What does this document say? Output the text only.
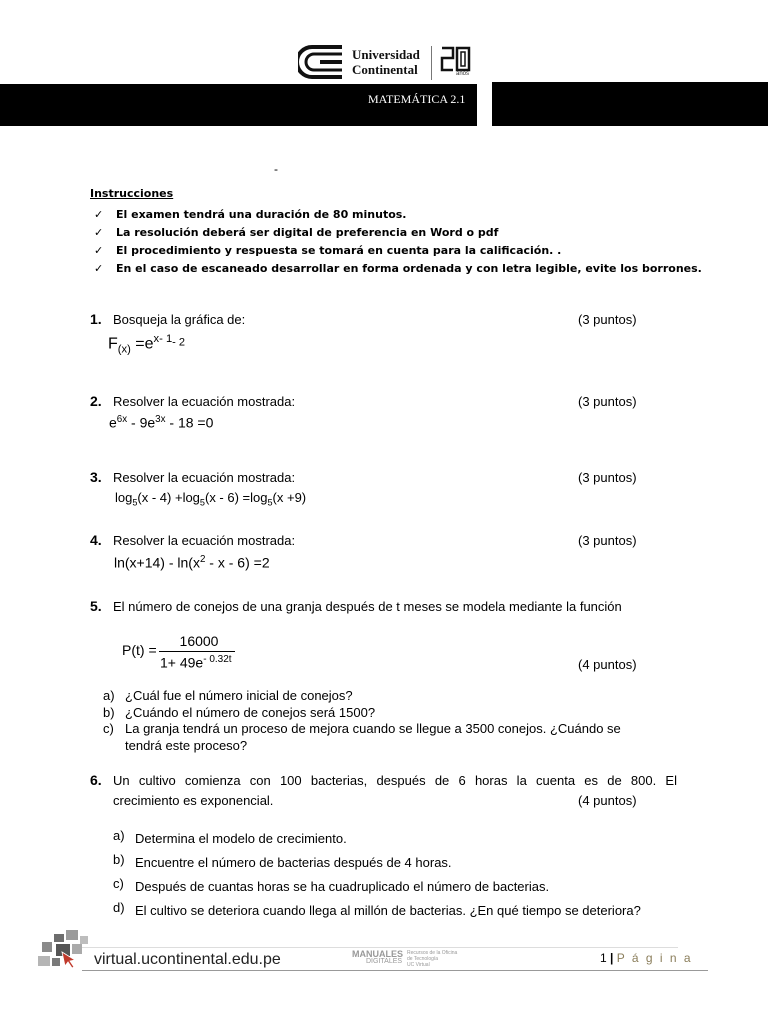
Universidad
Continental	años
MATEMÁTICA 2.1
-
Instrucciones
✓ El examen tendrá una duración de 80 minutos.
✓ La resolución deberá ser digital de preferencia en Word o pdf
✓ El procedimiento y respuesta se tomará en cuenta para la calificación. .
✓ En el caso de escaneado desarrollar en forma ordenada y con letra legible, evite los borrones.
1. Bosqueja la gráfica de:	(3 puntos)
$F_{(x)} =e^{x- 1}-$ 2
2. Resolver la ecuación mostrada:	(3 puntos)
$e^{6x} - 9e^{3x} - 18 =0$
3. Resolver la ecuación mostrada:	(3 puntos)
$\log_5(x - 4) +\log_5(x - 6) =\log_5(x +9)$
4. Resolver la ecuación mostrada:	(3 puntos)
$\ln(x+14) - \ln(x^2 - x - 6) =2$
5. El número de conejos de una granja después de t meses se modela mediante la función
P(t) =
16000
$1+ 49e^{- 0.32t}$	(4 puntos)
a) ¿Cuál fue el número inicial de conejos?
b) ¿Cuándo el número de conejos será 1500?
c) La granja tendrá un proceso de mejora cuando se llegue a 3500 conejos. ¿Cuándo se
tendrá este proceso?
6. Un cultivo comienza con 100 bacterias, después de 6 horas la cuenta es de 800. El
crecimiento es exponencial.	(4 puntos)
a) Determina el modelo de crecimiento.
b) Encuentre el número de bacterias después de 4 horas.
c) Después de cuantas horas se ha cuadruplicado el número de bacterias.
d) El cultivo se deteriora cuando llega al millón de bacterias. ¿En qué tiempo se deteriora?
virtual.ucontinental.edu.pe	MANUALES
DIGITALES
Recursos de la Oficina
de Tecnología
UC Virtual	1 | P á g i n a
